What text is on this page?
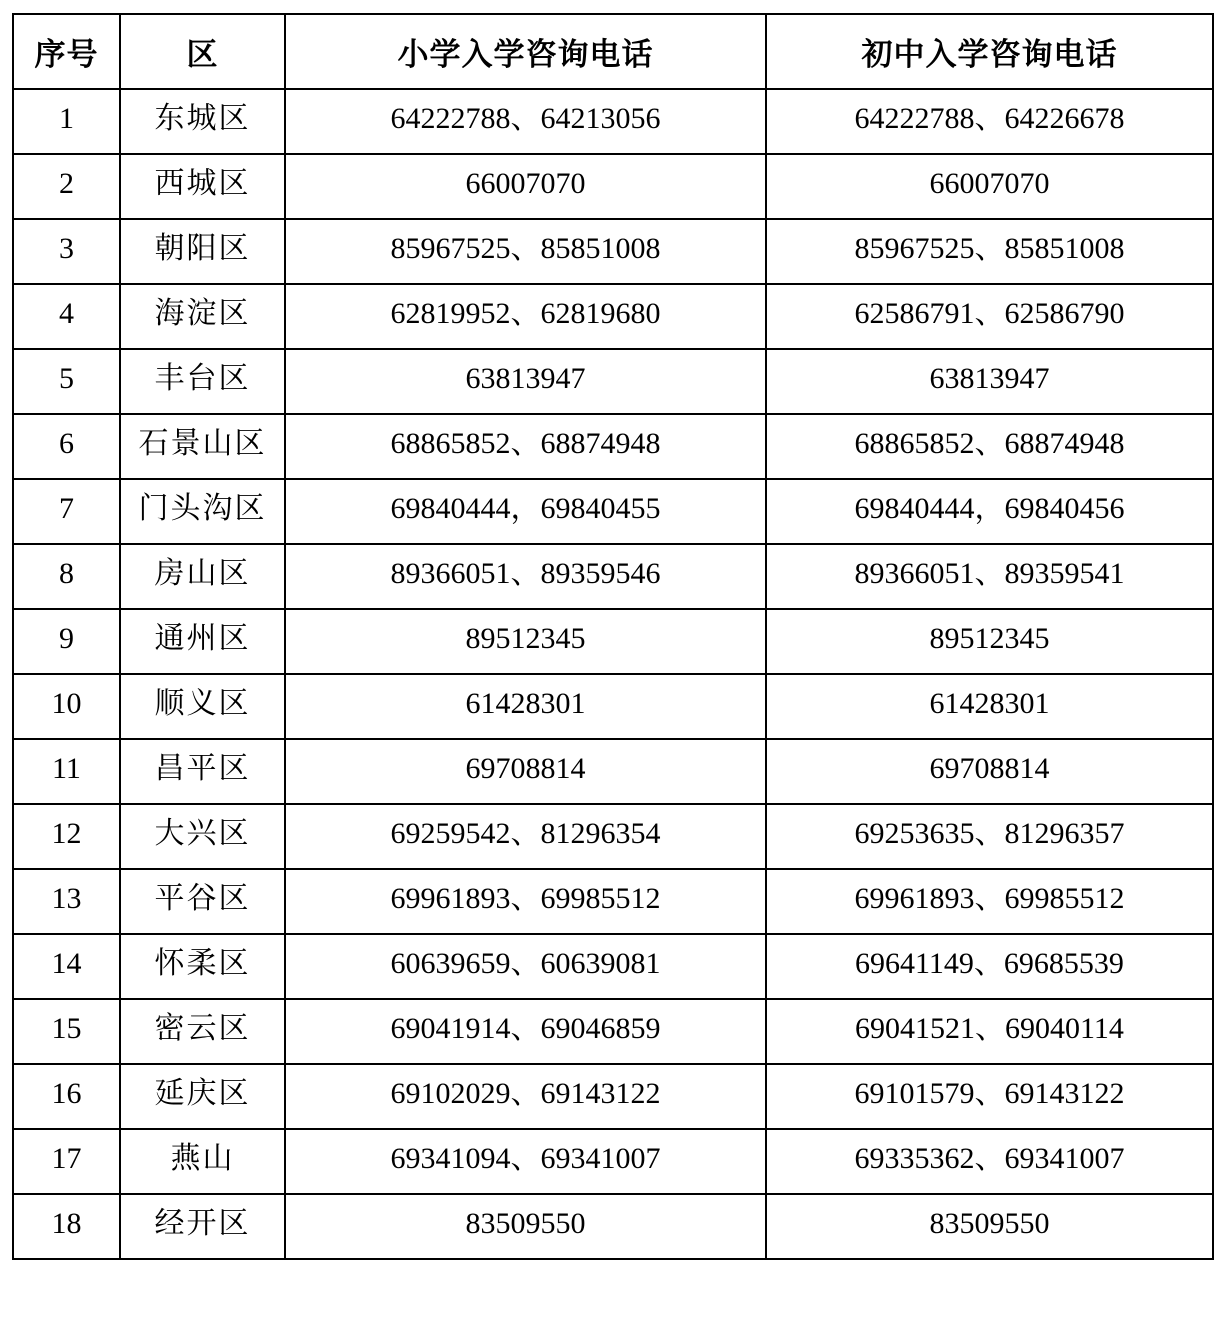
序号	区	小学入学咨询电话	初中入学咨询电话
1	东城区	64222788、64213056	64222788、64226678
2	西城区	66007070	66007070
3	朝阳区	85967525、85851008	85967525、85851008
4	海淀区	62819952、62819680	62586791、62586790
5	丰台区	63813947	63813947
6	石景山区	68865852、68874948	68865852、68874948
7	门头沟区	69840444，69840455	69840444，69840456
8	房山区	89366051、89359546	89366051、89359541
9	通州区	89512345	89512345
10	顺义区	61428301	61428301
11	昌平区	69708814	69708814
12	大兴区	69259542、81296354	69253635、81296357
13	平谷区	69961893、69985512	69961893、69985512
14	怀柔区	60639659、60639081	69641149、69685539
15	密云区	69041914、69046859	69041521、69040114
16	延庆区	69102029、69143122	69101579、69143122
17	燕山	69341094、69341007	69335362、69341007
18	经开区	83509550	83509550
